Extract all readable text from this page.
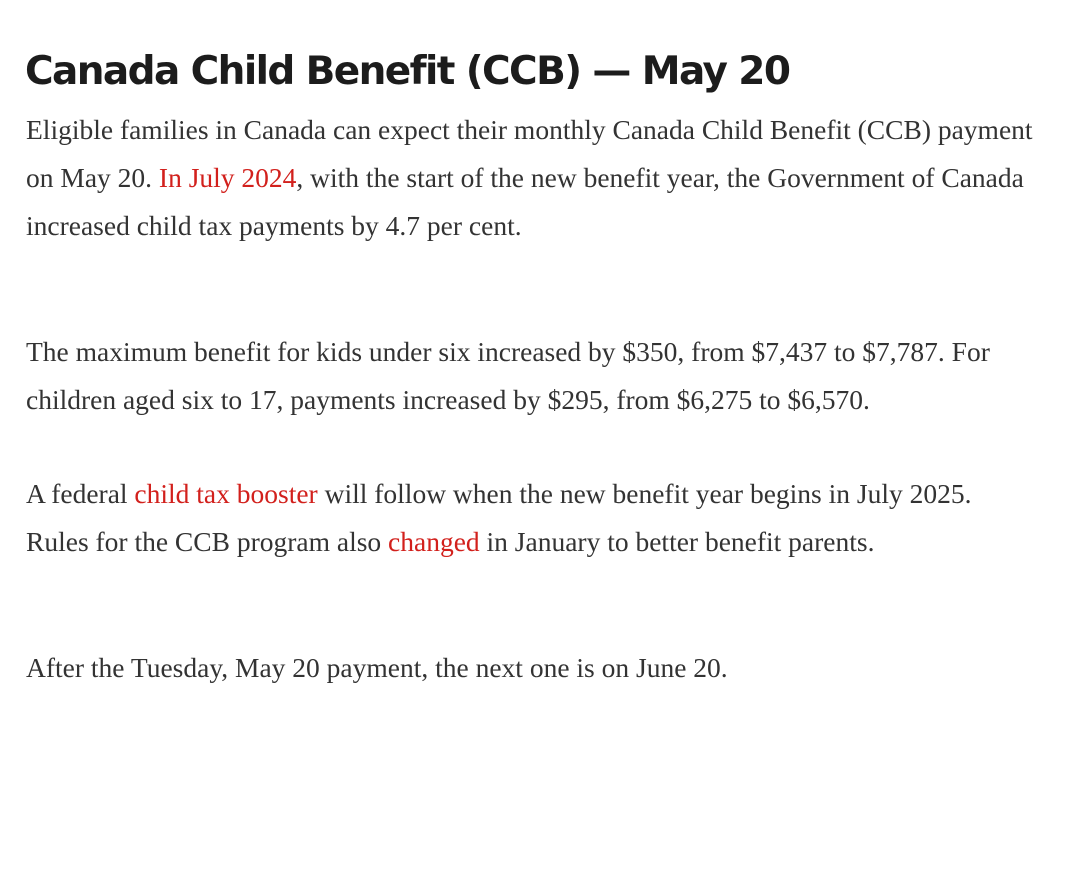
Canada Child Benefit (CCB) — May 20

Eligible families in Canada can expect their monthly Canada Child Benefit (CCB) payment on May 20. In July 2024, with the start of the new benefit year, the Government of Canada increased child tax payments by 4.7 per cent.

The maximum benefit for kids under six increased by $350, from $7,437 to $7,787. For children aged six to 17, payments increased by $295, from $6,275 to $6,570.

A federal child tax booster will follow when the new benefit year begins in July 2025. Rules for the CCB program also changed in January to better benefit parents.

After the Tuesday, May 20 payment, the next one is on June 20.
